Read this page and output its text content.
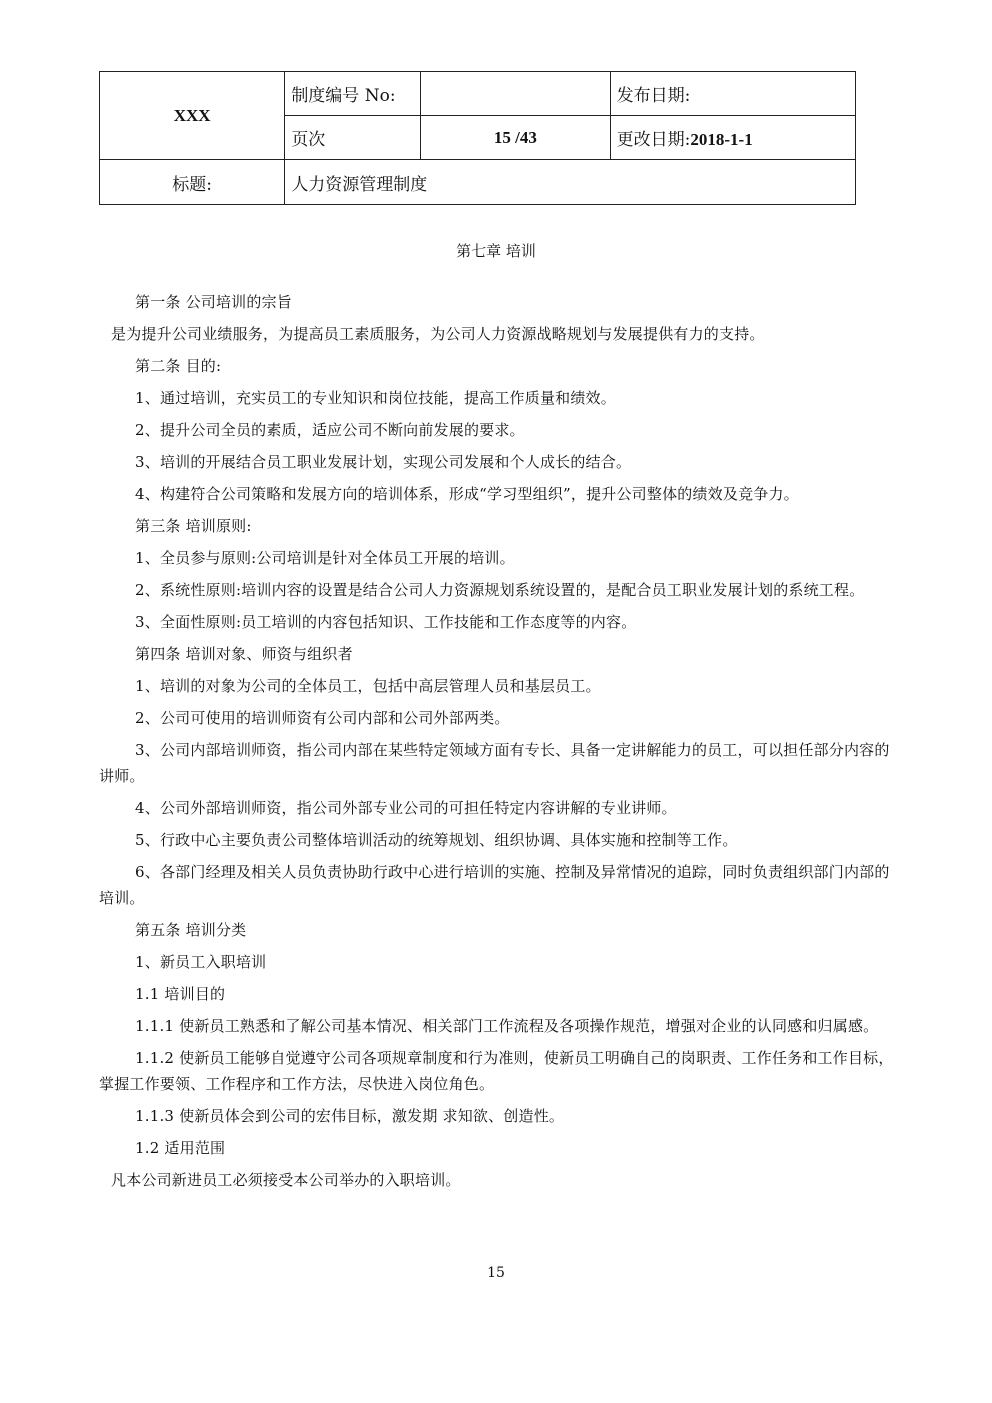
XXX	制度编号 No:		发布日期:
	页次	15 /43	更改日期:2018-1-1
标题:	人力资源管理制度		
第七章 培训

第一条 公司培训的宗旨

是为提升公司业绩服务，为提高员工素质服务，为公司人力资源战略规划与发展提供有力的支持。

第二条 目的:

1、通过培训，充实员工的专业知识和岗位技能，提高工作质量和绩效。

2、提升公司全员的素质，适应公司不断向前发展的要求。

3、培训的开展结合员工职业发展计划，实现公司发展和个人成长的结合。

4、构建符合公司策略和发展方向的培训体系，形成“学习型组织”，提升公司整体的绩效及竞争力。

第三条 培训原则:

1、全员参与原则:公司培训是针对全体员工开展的培训。

2、系统性原则:培训内容的设置是结合公司人力资源规划系统设置的，是配合员工职业发展计划的系统工程。

3、全面性原则:员工培训的内容包括知识、工作技能和工作态度等的内容。

第四条 培训对象、师资与组织者

1、培训的对象为公司的全体员工，包括中高层管理人员和基层员工。

2、公司可使用的培训师资有公司内部和公司外部两类。

3、公司内部培训师资，指公司内部在某些特定领域方面有专长、具备一定讲解能力的员工，可以担任部分内容的讲师。

4、公司外部培训师资，指公司外部专业公司的可担任特定内容讲解的专业讲师。

5、行政中心主要负责公司整体培训活动的统筹规划、组织协调、具体实施和控制等工作。

6、各部门经理及相关人员负责协助行政中心进行培训的实施、控制及异常情况的追踪，同时负责组织部门内部的培训。

第五条 培训分类

1、新员工入职培训

1.1 培训目的

1.1.1 使新员工熟悉和了解公司基本情况、相关部门工作流程及各项操作规范，增强对企业的认同感和归属感。

1.1.2 使新员工能够自觉遵守公司各项规章制度和行为准则，使新员工明确自己的岗职责、工作任务和工作目标，掌握工作要领、工作程序和工作方法，尽快进入岗位角色。

1.1.3 使新员体会到公司的宏伟目标，激发期 求知欲、创造性。

1.2 适用范围

凡本公司新进员工必须接受本公司举办的入职培训。

15
